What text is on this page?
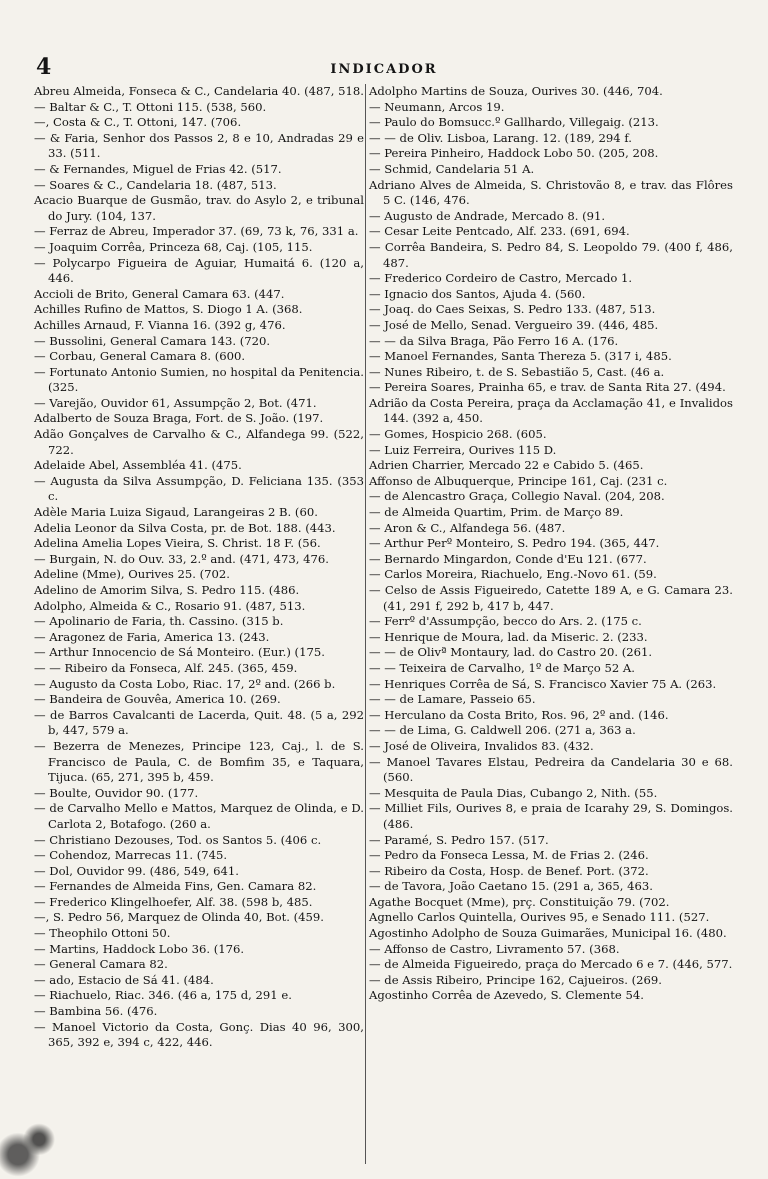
4	INDICADOR
Abreu Almeida, Fonseca & C., Candelaria 40. (487, 518.
— Baltar & C., T. Ottoni 115. (538, 560.
—, Costa & C., T. Ottoni, 147. (706.
— & Faria, Senhor dos Passos 2, 8 e 10, Andradas 29 e 33. (511.
— & Fernandes, Miguel de Frias 42. (517.
— Soares & C., Candelaria 18. (487, 513.
Acacio Buarque de Gusmão, trav. do Asylo 2, e tribunal do Jury. (104, 137.
— Ferraz de Abreu, Imperador 37. (69, 73 k, 76, 331 a.
— Joaquim Corrêa, Princeza 68, Caj. (105, 115.
— Polycarpo Figueira de Aguiar, Humaitá 6. (120 a, 446.
Accioli de Brito, General Camara 63. (447.
Achilles Rufino de Mattos, S. Diogo 1 A. (368.
Achilles Arnaud, F. Vianna 16. (392 g, 476.
— Bussolini, General Camara 143. (720.
— Corbau, General Camara 8. (600.
— Fortunato Antonio Sumien, no hospital da Penitencia. (325.
— Varejão, Ouvidor 61, Assumpção 2, Bot. (471.
Adalberto de Souza Braga, Fort. de S. João. (197.
Adão Gonçalves de Carvalho & C., Alfandega 99. (522, 722.
Adelaide Abel, Assembléa 41. (475.
— Augusta da Silva Assumpção, D. Feliciana 135. (353 c.
Adèle Maria Luiza Sigaud, Larangeiras 2 B. (60.
Adelia Leonor da Silva Costa, pr. de Bot. 188. (443.
Adelina Amelia Lopes Vieira, S. Christ. 18 F. (56.
— Burgain, N. do Ouv. 33, 2.º and. (471, 473, 476.
Adeline (Mme), Ourives 25. (702.
Adelino de Amorim Silva, S. Pedro 115. (486.
Adolpho, Almeida & C., Rosario 91. (487, 513.
— Apolinario de Faria, th. Cassino. (315 b.
— Aragonez de Faria, America 13. (243.
— Arthur Innocencio de Sá Monteiro. (Eur.) (175.
— — Ribeiro da Fonseca, Alf. 245. (365, 459.
— Augusto da Costa Lobo, Riac. 17, 2º and. (266 b.
— Bandeira de Gouvêa, America 10. (269.
— de Barros Cavalcanti de Lacerda, Quit. 48. (5 a, 292 b, 447, 579 a.
— Bezerra de Menezes, Principe 123, Caj., l. de S. Francisco de Paula, C. de Bomfim 35, e Taquara, Tijuca. (65, 271, 395 b, 459.
— Boulte, Ouvidor 90. (177.
— de Carvalho Mello e Mattos, Marquez de Olinda, e D. Carlota 2, Botafogo. (260 a.
— Christiano Dezouses, Tod. os Santos 5. (406 c.
— Cohendoz, Marrecas 11. (745.
— Dol, Ouvidor 99. (486, 549, 641.
— Fernandes de Almeida Fins, Gen. Camara 82.
— Frederico Klingelhoefer, Alf. 38. (598 b, 485.
—, S. Pedro 56, Marquez de Olinda 40, Bot. (459.
— Theophilo Ottoni 50.
— Martins, Haddock Lobo 36. (176.
— General Camara 82.
— ado, Estacio de Sá 41. (484.
— Riachuelo, Riac. 346. (46 a, 175 d, 291 e.
— Bambina 56. (476.
— Manoel Victorio da Costa, Gonç. Dias 40 96, 300, 365, 392 e, 394 c, 422, 446.
Adolpho Martins de Souza, Ourives 30. (446, 704.
— Neumann, Arcos 19.
— Paulo do Bomsucc.º Gallhardo, Villegaig. (213.
— — de Oliv. Lisboa, Larang. 12. (189, 294 f.
— Pereira Pinheiro, Haddock Lobo 50. (205, 208.
— Schmid, Candelaria 51 A.
Adriano Alves de Almeida, S. Christovão 8, e trav. das Flôres 5 C. (146, 476.
— Augusto de Andrade, Mercado 8. (91.
— Cesar Leite Pentcado, Alf. 233. (691, 694.
— Corrêa Bandeira, S. Pedro 84, S. Leopoldo 79. (400 f, 486, 487.
— Frederico Cordeiro de Castro, Mercado 1.
— Ignacio dos Santos, Ajuda 4. (560.
— Joaq. do Caes Seixas, S. Pedro 133. (487, 513.
— José de Mello, Senad. Vergueiro 39. (446, 485.
— — da Silva Braga, Pão Ferro 16 A. (176.
— Manoel Fernandes, Santa Thereza 5. (317 i, 485.
— Nunes Ribeiro, t. de S. Sebastião 5, Cast. (46 a.
— Pereira Soares, Prainha 65, e trav. de Santa Rita 27. (494.
Adrião da Costa Pereira, praça da Acclamação 41, e Invalidos 144. (392 a, 450.
— Gomes, Hospicio 268. (605.
— Luiz Ferreira, Ourives 115 D.
Adrien Charrier, Mercado 22 e Cabido 5. (465.
Affonso de Albuquerque, Principe 161, Caj. (231 c.
— de Alencastro Graça, Collegio Naval. (204, 208.
— de Almeida Quartim, Prim. de Março 89.
— Aron & C., Alfandega 56. (487.
— Arthur Perº Monteiro, S. Pedro 194. (365, 447.
— Bernardo Mingardon, Conde d'Eu 121. (677.
— Carlos Moreira, Riachuelo, Eng.-Novo 61. (59.
— Celso de Assis Figueiredo, Catette 189 A, e G. Camara 23. (41, 291 f, 292 b, 417 b, 447.
— Ferrº d'Assumpção, becco do Ars. 2. (175 c.
— Henrique de Moura, lad. da Miseric. 2. (233.
— — de Olivª Montaury, lad. do Castro 20. (261.
— — Teixeira de Carvalho, 1º de Março 52 A.
— Henriques Corrêa de Sá, S. Francisco Xavier 75 A. (263.
— — de Lamare, Passeio 65.
— Herculano da Costa Brito, Ros. 96, 2º and. (146.
— — de Lima, G. Caldwell 206. (271 a, 363 a.
— José de Oliveira, Invalidos 83. (432.
— Manoel Tavares Elstau, Pedreira da Candelaria 30 e 68. (560.
— Mesquita de Paula Dias, Cubango 2, Nith. (55.
— Milliet Fils, Ourives 8, e praia de Icarahy 29, S. Domingos. (486.
— Paramé, S. Pedro 157. (517.
— Pedro da Fonseca Lessa, M. de Frias 2. (246.
— Ribeiro da Costa, Hosp. de Benef. Port. (372.
— de Tavora, João Caetano 15. (291 a, 365, 463.
Agathe Bocquet (Mme), prç. Constituição 79. (702.
Agnello Carlos Quintella, Ourives 95, e Senado 111. (527.
Agostinho Adolpho de Souza Guimarães, Municipal 16. (480.
— Affonso de Castro, Livramento 57. (368.
— de Almeida Figueiredo, praça do Mercado 6 e 7. (446, 577.
— de Assis Ribeiro, Principe 162, Cajueiros. (269.
Agostinho Corrêa de Azevedo, S. Clemente 54.
